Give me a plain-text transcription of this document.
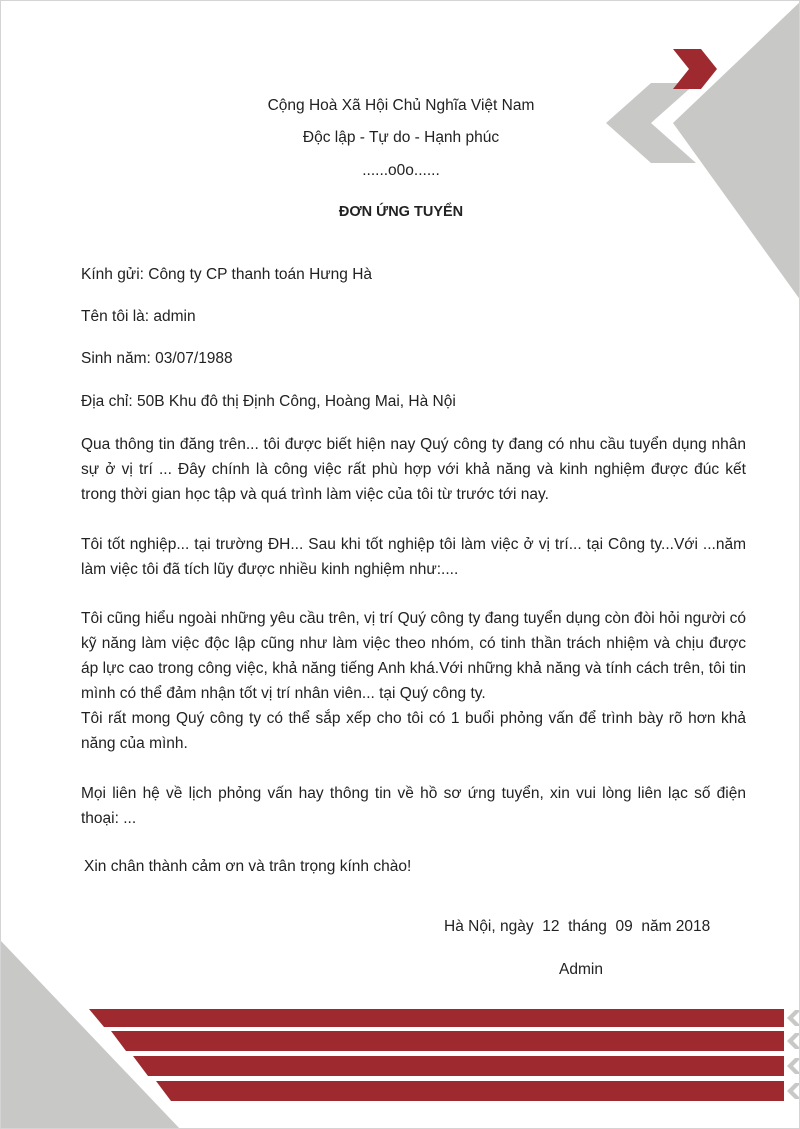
Cộng Hoà Xã Hội Chủ Nghĩa Việt Nam

Độc lập - Tự do - Hạnh phúc

......o0o......

ĐƠN ỨNG TUYỂN

Kính gửi: Công ty CP thanh toán Hưng Hà

Tên tôi là: admin

Sinh năm: 03/07/1988

Địa chỉ: 50B Khu đô thị Định Công, Hoàng Mai, Hà Nội

Qua thông tin đăng trên... tôi được biết hiện nay Quý công ty đang có nhu cầu tuyển dụng nhân sự ở vị trí ... Đây chính là công việc rất phù hợp với khả năng và kinh nghiệm được đúc kết trong thời gian học tập và quá trình làm việc của tôi từ trước tới nay.

Tôi tốt nghiệp... tại trường ĐH... Sau khi tốt nghiệp tôi làm việc ở vị trí... tại Công ty...Với ...năm làm việc tôi đã tích lũy được nhiều kinh nghiệm như:....

Tôi cũng hiểu ngoài những yêu cầu trên, vị trí Quý công ty đang tuyển dụng còn đòi hỏi người có kỹ năng làm việc độc lập cũng như làm việc theo nhóm, có tinh thần trách nhiệm và chịu được áp lực cao trong công việc, khả năng tiếng Anh khá.Với những khả năng và tính cách trên, tôi tin mình có thể đảm nhận tốt vị trí nhân viên... tại Quý công ty.

Tôi rất mong Quý công ty có thể sắp xếp cho tôi có 1 buổi phỏng vấn để trình bày rõ hơn khả năng của mình.

Mọi liên hệ về lịch phỏng vấn hay thông tin về hồ sơ ứng tuyển, xin vui lòng liên lạc số điện thoại: ...

Xin chân thành cảm ơn và trân trọng kính chào!

Hà Nội, ngày  12  tháng  09  năm 2018

Admin
